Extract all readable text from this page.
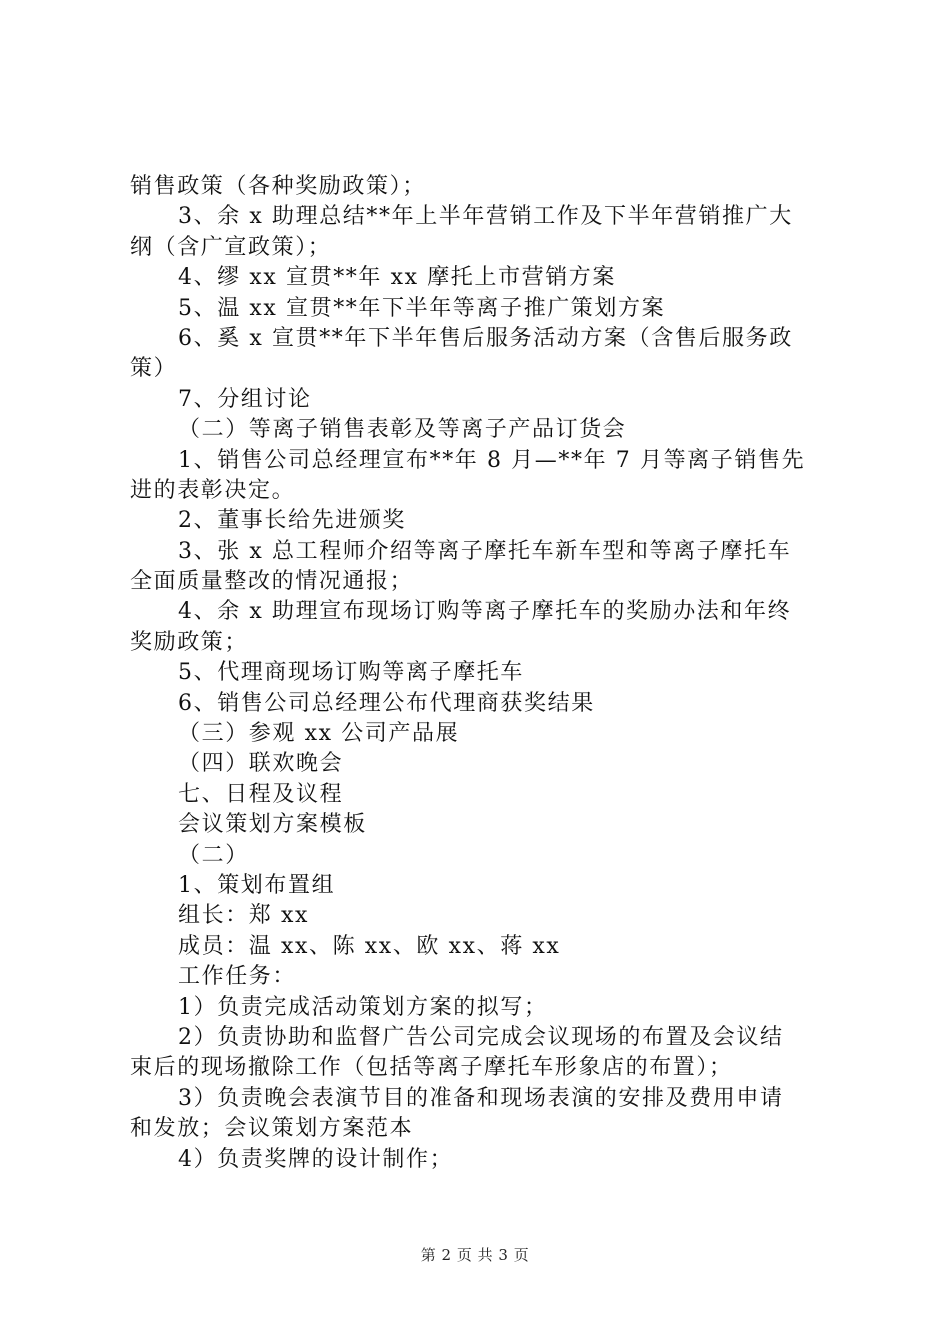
销售政策（各种奖励政策）；
3、余 x 助理总结**年上半年营销工作及下半年营销推广大
纲（含广宣政策）；
4、缪 xx 宣贯**年 xx 摩托上市营销方案
5、温 xx 宣贯**年下半年等离子推广策划方案
6、奚 x 宣贯**年下半年售后服务活动方案（含售后服务政
策）
7、分组讨论
（二）等离子销售表彰及等离子产品订货会
1、销售公司总经理宣布**年 8 月—**年 7 月等离子销售先
进的表彰决定。
2、董事长给先进颁奖
3、张 x 总工程师介绍等离子摩托车新车型和等离子摩托车
全面质量整改的情况通报；
4、余 x 助理宣布现场订购等离子摩托车的奖励办法和年终
奖励政策；
5、代理商现场订购等离子摩托车
6、销售公司总经理公布代理商获奖结果
（三）参观 xx 公司产品展
（四）联欢晚会
七、日程及议程
会议策划方案模板
（二）
1、策划布置组
组长：郑 xx
成员：温 xx、陈 xx、欧 xx、蒋 xx
工作任务：
1）负责完成活动策划方案的拟写；
2）负责协助和监督广告公司完成会议现场的布置及会议结
束后的现场撤除工作（包括等离子摩托车形象店的布置）；
3）负责晚会表演节目的准备和现场表演的安排及费用申请
和发放；会议策划方案范本
4）负责奖牌的设计制作；
第 2 页 共 3 页
